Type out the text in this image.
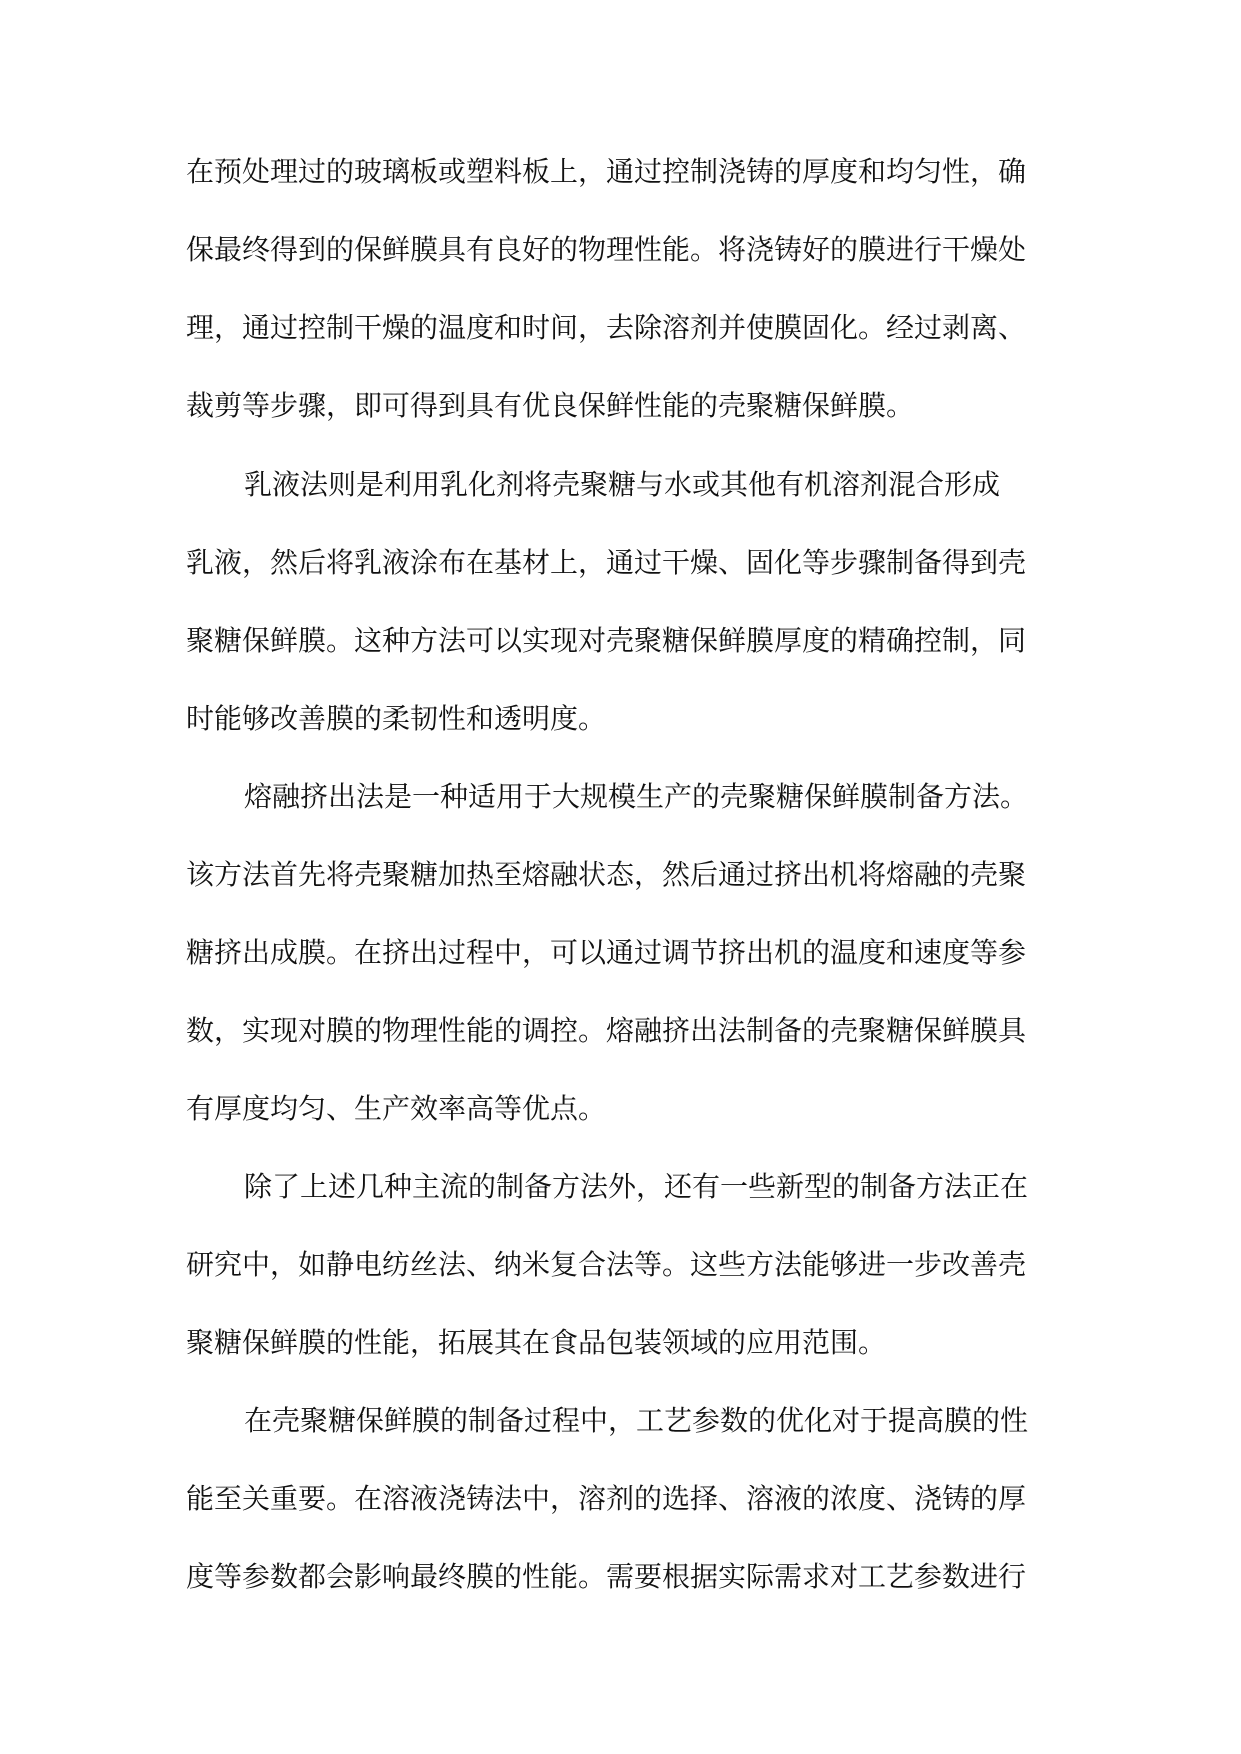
在预处理过的玻璃板或塑料板上，通过控制浇铸的厚度和均匀性，确
保最终得到的保鲜膜具有良好的物理性能。将浇铸好的膜进行干燥处
理，通过控制干燥的温度和时间，去除溶剂并使膜固化。经过剥离、
裁剪等步骤，即可得到具有优良保鲜性能的壳聚糖保鲜膜。
乳液法则是利用乳化剂将壳聚糖与水或其他有机溶剂混合形成
乳液，然后将乳液涂布在基材上，通过干燥、固化等步骤制备得到壳
聚糖保鲜膜。这种方法可以实现对壳聚糖保鲜膜厚度的精确控制，同
时能够改善膜的柔韧性和透明度。
熔融挤出法是一种适用于大规模生产的壳聚糖保鲜膜制备方法。
该方法首先将壳聚糖加热至熔融状态，然后通过挤出机将熔融的壳聚
糖挤出成膜。在挤出过程中，可以通过调节挤出机的温度和速度等参
数，实现对膜的物理性能的调控。熔融挤出法制备的壳聚糖保鲜膜具
有厚度均匀、生产效率高等优点。
除了上述几种主流的制备方法外，还有一些新型的制备方法正在
研究中，如静电纺丝法、纳米复合法等。这些方法能够进一步改善壳
聚糖保鲜膜的性能，拓展其在食品包装领域的应用范围。
在壳聚糖保鲜膜的制备过程中，工艺参数的优化对于提高膜的性
能至关重要。在溶液浇铸法中，溶剂的选择、溶液的浓度、浇铸的厚
度等参数都会影响最终膜的性能。需要根据实际需求对工艺参数进行
